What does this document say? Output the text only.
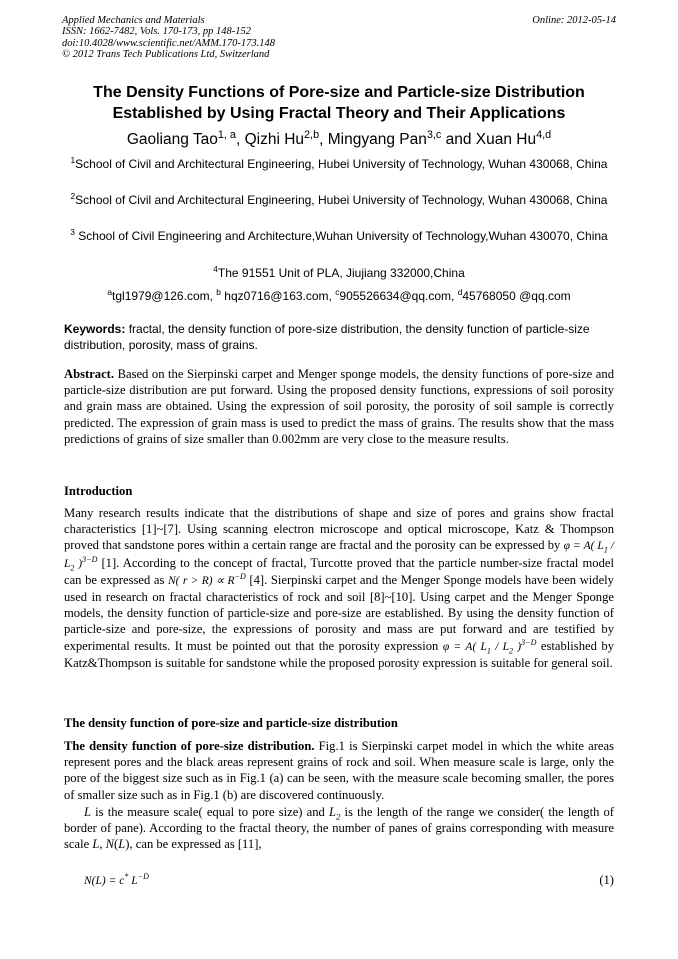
Applied Mechanics and Materials
ISSN: 1662-7482, Vols. 170-173, pp 148-152
doi:10.4028/www.scientific.net/AMM.170-173.148
© 2012 Trans Tech Publications Ltd, Switzerland
Online: 2012-05-14
The Density Functions of Pore-size and Particle-size Distribution
Established by Using Fractal Theory and Their Applications
Gaoliang Tao$^{1, a}$, Qizhi Hu$^{2,b}$, Mingyang Pan$^{3,c}$ and Xuan Hu$^{4,d}$
$^1$School of Civil and Architectural Engineering, Hubei University of Technology, Wuhan 430068, China
$^2$School of Civil and Architectural Engineering, Hubei University of Technology, Wuhan 430068, China
$^3$ School of Civil Engineering and Architecture,Wuhan University of Technology,Wuhan 430070, China
$^4$The 91551 Unit of PLA, Jiujiang 332000,China
$^a$tgl1979@126.com, $^b$ hqz0716@163.com, $^c$905526634@qq.com, $^d$45768050 @qq.com
Keywords: fractal, the density function of pore-size distribution, the density function of particle-size distribution, porosity, mass of grains.
Abstract. Based on the Sierpinski carpet and Menger sponge models, the density functions of pore-size and particle-size distribution are put forward. Using the proposed density functions, expressions of soil porosity and grain mass are obtained. Using the expression of soil porosity, the porosity of soil sample is correctly predicted. The expression of grain mass is used to predict the mass of grains. The results show that the mass predictions of grains of size smaller than 0.002mm are very close to the measure results.
Introduction
Many research results indicate that the distributions of shape and size of pores and grains show fractal characteristics [1]~[7]. Using scanning electron microscope and optical microscope, Katz & Thompson proved that sandstone pores within a certain range are fractal and the porosity can be expressed by φ = A( $L_1 / L_2$ )$^{3-D}$ [1]. According to the concept of fractal, Turcotte proved that the particle number-size fractal model can be expressed as N( $r > R) \propto R^{-D}$ [4]. Sierpinski carpet and the Menger Sponge models have been widely used in research on fractal characteristics of rock and soil [8]~[10]. Using carpet and the Menger Sponge models, the density function of particle-size and pore-size are established. By using the density function of particle-size and pore-size, the expressions of porosity and mass are put forward and are testified by experimental results. It must be pointed out that the porosity expression φ = A( $L_1 / L_2$ )$^{3-D}$ established by Katz&Thompson is suitable for sandstone while the proposed porosity expression is suitable for general soil.
The density function of pore-size and particle-size distribution
The density function of pore-size distribution. Fig.1 is Sierpinski carpet model in which the white areas represent pores and the black areas represent grains of rock and soil. When measure scale is large, only the pore of the biggest size such as in Fig.1 (a) can be seen, with the measure scale becoming smaller, the pores of smaller size such as in Fig.1 (b) are discovered continuously.
L is the measure scale( equal to pore size) and $L_2$ is the length of the range we consider( the length of border of pane). According to the fractal theory, the number of panes of grains corresponding with measure scale L, N(L), can be expressed as [11],
N(L) = c* $L^{-D}$	(1)
